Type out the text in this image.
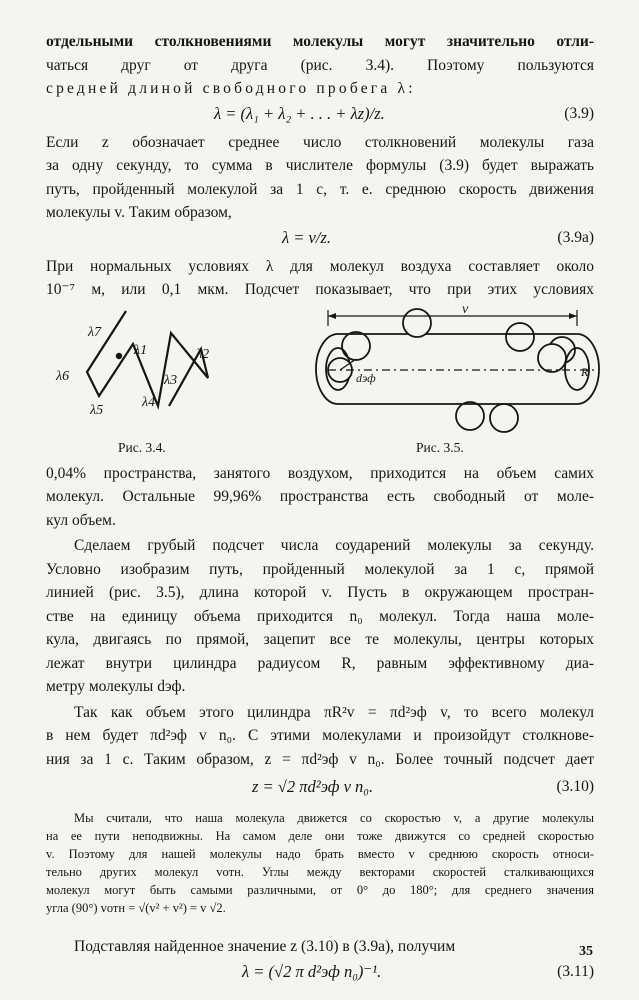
отдельными столкновениями молекулы могут значительно отли-
чаться друг от друга (рис. 3.4). Поэтому пользуются
средней длиной свободного пробега λ:
λ = (λ₁ + λ₂ + . . . + λz)/z.	(3.9)
Если z обозначает среднее число столкновений молекулы газа
за одну секунду, то сумма в числителе формулы (3.9) будет выражать
путь, пройденный молекулой за 1 с, т. е. среднюю скорость движения
молекулы v. Таким образом,
λ = v/z.	(3.9а)
При нормальных условиях λ для молекул воздуха составляет около
10⁻⁷ м, или 0,1 мкм. Подсчет показывает, что при этих условиях
λ7
λ1	λ2
λ3
λ6
λ5
λ4
Рис. 3.4.
v
dэф	R
Рис. 3.5.
0,04% пространства, занятого воздухом, приходится на объем самих
молекул. Остальные 99,96% пространства есть свободный от моле-
кул объем.
Сделаем грубый подсчет числа соударений молекулы за секунду.
Условно изобразим путь, пройденный молекулой за 1 с, прямой
линией (рис. 3.5), длина которой v. Пусть в окружающем простран-
стве на единицу объема приходится n₀ молекул. Тогда наша моле-
кула, двигаясь по прямой, зацепит все те молекулы, центры которых
лежат внутри цилиндра радиусом R, равным эффективному диа-
метру молекулы dэф.
Так как объем этого цилиндра πR²v = πd²эф v, то всего молекул
в нем будет πd²эф v n₀. С этими молекулами и произойдут столкнове-
ния за 1 с. Таким образом, z = πd²эф v n₀. Более точный подсчет дает
z = √2 πd²эф v n₀.	(3.10)
Мы считали, что наша молекула движется со скоростью v, а другие молекулы
на ее пути неподвижны. На самом деле они тоже движутся со средней скоростью
v. Поэтому для нашей молекулы надо брать вместо v среднюю скорость относи-
тельно других молекул vотн. Углы между векторами скоростей сталкивающихся
молекул могут быть самыми различными, от 0° до 180°; для среднего значения
угла (90°) vотн = √(v² + v²) = v √2.
Подставляя найденное значение z (3.10) в (3.9а), получим
λ = (√2 π d²эф n₀)⁻¹.	(3.11)
35
